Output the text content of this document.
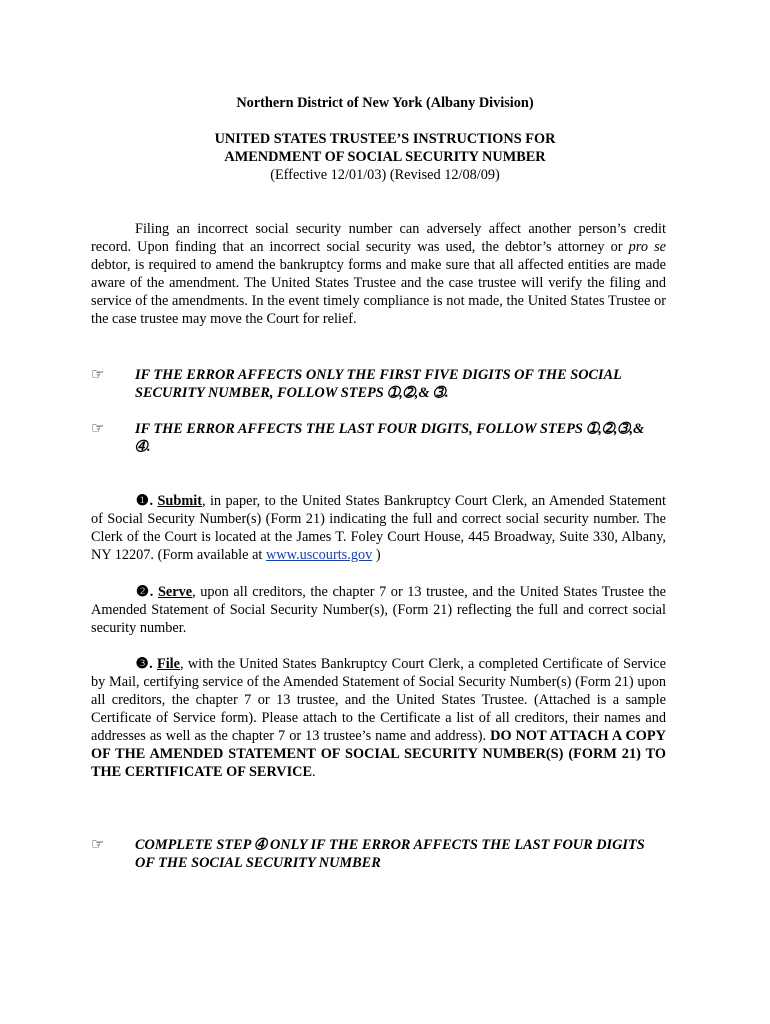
Northern District of New York (Albany Division)
UNITED STATES TRUSTEE’S INSTRUCTIONS FOR
AMENDMENT OF SOCIAL SECURITY NUMBER
(Effective 12/01/03) (Revised 12/08/09)
Filing an incorrect social security number can adversely affect another person’s credit record. Upon finding that an incorrect social security was used, the debtor’s attorney or pro se debtor, is required to amend the bankruptcy forms and make sure that all affected entities are made aware of the amendment. The United States Trustee and the case trustee will verify the filing and service of the amendments. In the event timely compliance is not made, the United States Trustee or the case trustee may move the Court for relief.
☞ IF THE ERROR AFFECTS ONLY THE FIRST FIVE DIGITS OF THE SOCIAL
SECURITY NUMBER, FOLLOW STEPS ➀,➁,& ➂.
☞ IF THE ERROR AFFECTS THE LAST FOUR DIGITS, FOLLOW STEPS ➀,➁,➂,&
➃.
❶. Submit, in paper, to the United States Bankruptcy Court Clerk, an Amended Statement of Social Security Number(s) (Form 21) indicating the full and correct social security number. The Clerk of the Court is located at the James T. Foley Court House, 445 Broadway, Suite 330, Albany, NY 12207. (Form available at www.uscourts.gov )
❷. Serve, upon all creditors, the chapter 7 or 13 trustee, and the United States Trustee the Amended Statement of Social Security Number(s), (Form 21) reflecting the full and correct social security number.
❸. File, with the United States Bankruptcy Court Clerk, a completed Certificate of Service by Mail, certifying service of the Amended Statement of Social Security Number(s) (Form 21) upon all creditors, the chapter 7 or 13 trustee, and the United States Trustee. (Attached is a sample Certificate of Service form). Please attach to the Certificate a list of all creditors, their names and addresses as well as the chapter 7 or 13 trustee’s name and address). DO NOT ATTACH A COPY OF THE AMENDED STATEMENT OF SOCIAL SECURITY NUMBER(S) (FORM 21) TO THE CERTIFICATE OF SERVICE.
☞ COMPLETE STEP ➃ ONLY IF THE ERROR AFFECTS THE LAST FOUR DIGITS
OF THE SOCIAL SECURITY NUMBER
